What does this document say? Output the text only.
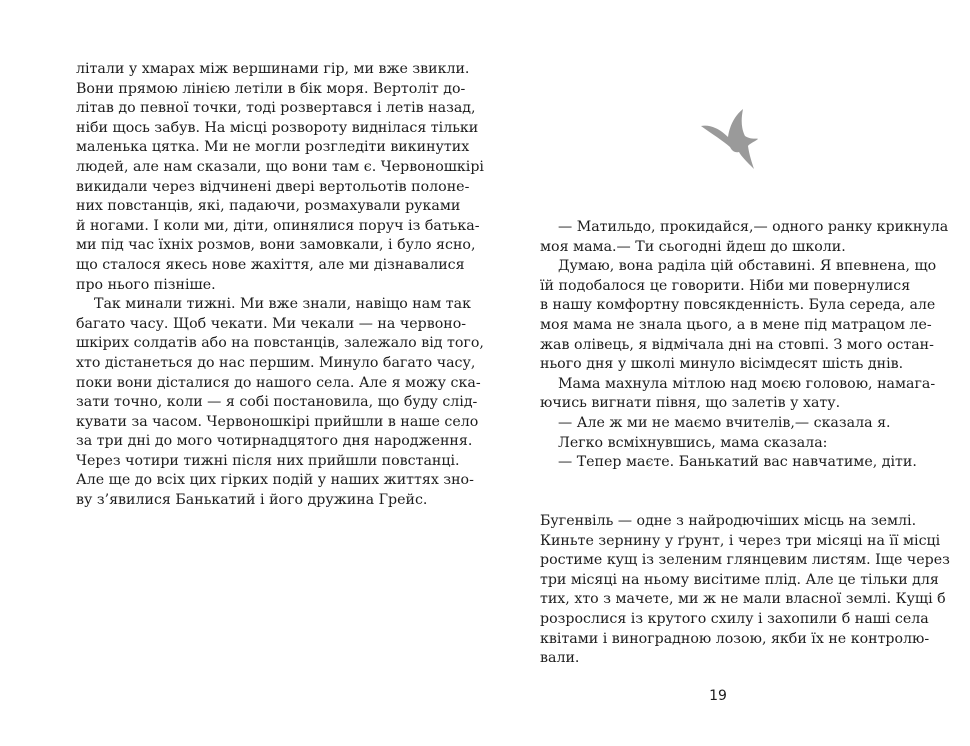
літали у хмарах між вершинами гір, ми вже звикли.
Вони прямою лінією летіли в бік моря. Вертоліт до-
літав до певної точки, тоді розвертався і летів назад,
ніби щось забув. На місці розвороту виднілася тільки
маленька цятка. Ми не могли розгледіти викинутих
людей, але нам сказали, що вони там є. Червоношкірі
викидали через відчинені двері вертольотів полоне-
них повстанців, які, падаючи, розмахували руками
й ногами. І коли ми, діти, опинялися поруч із батька-
ми під час їхніх розмов, вони замовкали, і було ясно,
що сталося якесь нове жахіття, але ми дізнавалися
про нього пізніше.
Так минали тижні. Ми вже знали, навіщо нам так
багато часу. Щоб чекати. Ми чекали — на червоно-
шкірих солдатів або на повстанців, залежало від того,
хто дістанеться до нас першим. Минуло багато часу,
поки вони дісталися до нашого села. Але я можу ска-
зати точно, коли — я собі постановила, що буду слід-
кувати за часом. Червоношкірі прийшли в наше село
за три дні до мого чотирнадцятого дня народження.
Через чотири тижні після них прийшли повстанці.
Але ще до всіх цих гірких подій у наших життях зно-
ву з’явилися Банькатий і його дружина Грейс.
— Матильдо, прокидайся,— одного ранку крикнула
моя мама.— Ти сьогодні йдеш до школи.
Думаю, вона раділа цій обставині. Я впевнена, що
їй подобалося це говорити. Ніби ми повернулися
в нашу комфортну повсякденність. Була середа, але
моя мама не знала цього, а в мене під матрацом ле-
жав олівець, я відмічала дні на стовпі. З мого остан-
нього дня у школі минуло вісімдесят шість днів.
Мама махнула мітлою над моєю головою, намага-
ючись вигнати півня, що залетів у хату.
— Але ж ми не маємо вчителів,— сказала я.
Легко всміхнувшись, мама сказала:
— Тепер маєте. Банькатий вас навчатиме, діти.
Бугенвіль — одне з найродючіших місць на землі.
Киньте зернину у ґрунт, і через три місяці на її місці
ростиме кущ із зеленим глянцевим листям. Іще через
три місяці на ньому висітиме плід. Але це тільки для
тих, хто з мачете, ми ж не мали власної землі. Кущі б
розрослися із крутого схилу і захопили б наші села
квітами і виноградною лозою, якби їх не контролю-
вали.
19
